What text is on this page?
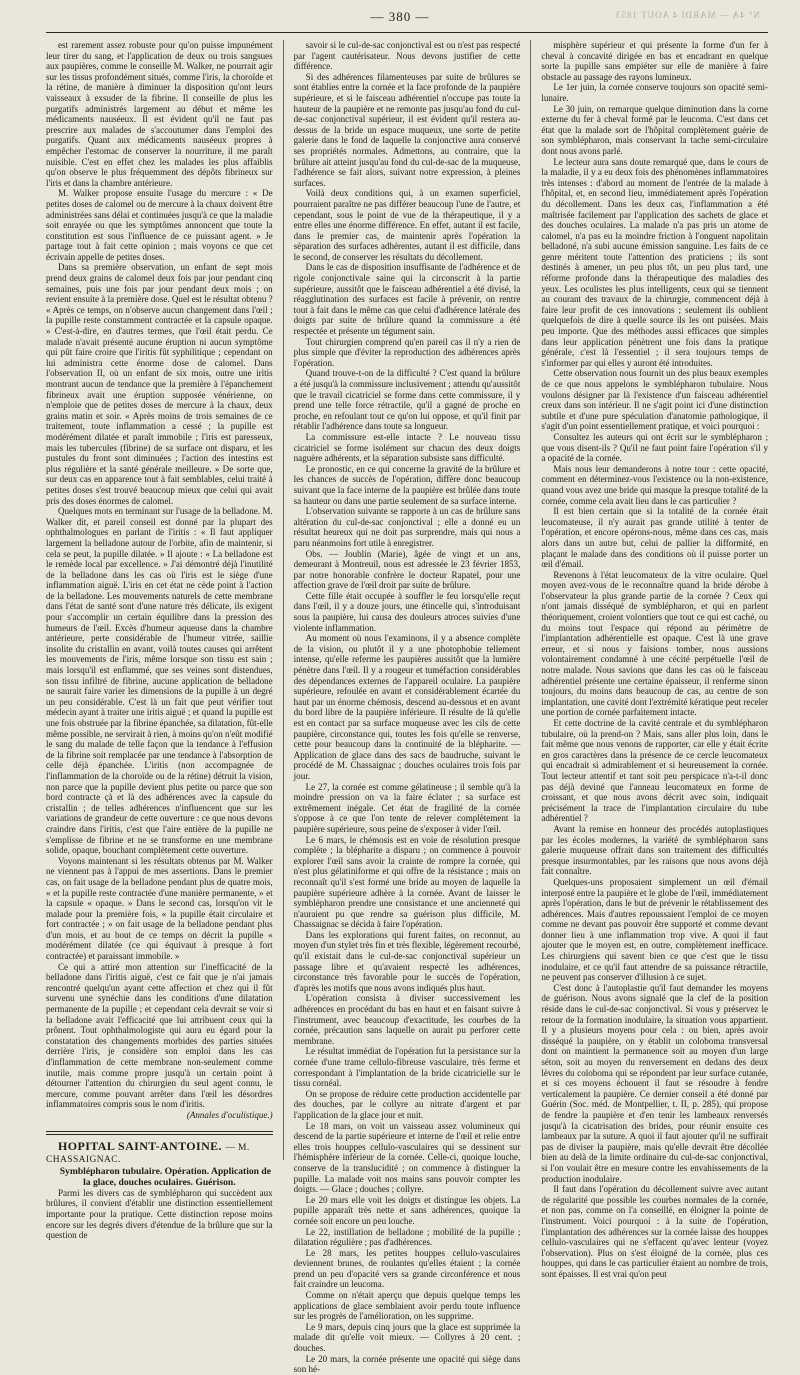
— 380 —	N° 4A — MARDI 4 AOUT 1853

est rarement assez robuste pour qu'on puisse impunément leur tirer du sang, et l'application de deux ou trois sangsues aux paupières, comme le conseille M. Walker, ne pourrait agir sur les tissus profondément situés, comme l'iris, la choroïde et la rétine, de manière à diminuer la disposition qu'ont leurs vaisseaux à exsuder de la fibrine. Il conseille de plus les purgatifs administrés largement au début et même les médicaments nauséeux. Il est évident qu'il ne faut pas prescrire aux malades de s'accoutumer dans l'emploi des purgatifs. Quant aux médicaments nauséeux propres à empêcher l'estomac de conserver la nourriture, il me paraît nuisible. C'est en effet chez les malades les plus affaiblis qu'on observe le plus fréquemment des dépôts fibrineux sur l'iris et dans la chambre antérieure.

M. Walker propose ensuite l'usage du mercure : « De petites doses de calomel ou de mercure à la chaux doivent être administrées sans délai et continuées jusqu'à ce que la maladie soit enrayée ou que les symptômes annoncent que toute la constitution est sous l'influence de ce puissant agent. » Je partage tout à fait cette opinion ; mais voyons ce que cet écrivain appelle de petites doses.

Dans sa première observation, un enfant de sept mois prend deux grains de calomel deux fois par jour pendant cinq semaines, puis une fois par jour pendant deux mois ; on revient ensuite à la première dose. Quel est le résultat obtenu ? « Après ce temps, on n'observe aucun changement dans l'œil ; la pupille reste constamment contractée et la capsule opaque. » C'est-à-dire, en d'autres termes, que l'œil était perdu. Ce malade n'avait présenté aucune éruption ni aucun symptôme qui pût faire croire que l'iritis fût syphilitique ; cependant on lui administra cette énorme dose de calomel. Dans l'observation II, où un enfant de six mois, outre une iritis montrant aucun de tendance que la première à l'épanchement fibrineux avait une éruption supposée vénérienne, on n'emploie que de petites doses de mercure à la chaux, deux grains matin et soir. « Après moins de trois semaines de ce traitement, toute inflammation a cessé ; la pupille est modérément dilatée et paraît immobile ; l'iris est paresseux, mais les tubercules (fibrine) de sa surface ont disparu, et les pustules du front sont diminuées ; l'action des intestins est plus régulière et la santé générale meilleure. » De sorte que, sur deux cas en apparence tout à fait semblables, celui traité à petites doses s'est trouvé beaucoup mieux que celui qui avait pris des doses énormes de calomel.

Quelques mots en terminant sur l'usage de la belladone. M. Walker dit, et pareil conseil est donné par la plupart des ophthalmologues en parlant de l'iritis : « Il faut appliquer largement la belladone autour de l'orbite, afin de maintenir, si cela se peut, la pupille dilatée. » Il ajoute : « La belladone est le remède local par excellence. » J'ai démontré déjà l'inutilité de la belladone dans les cas où l'iris est le siège d'une inflammation aiguë. L'iris en cet état ne cède point à l'action de la belladone. Les mouvements naturels de cette membrane dans l'état de santé sont d'une nature très délicate, ils exigent pour s'accomplir un certain équilibre dans la pression des humeurs de l'œil. Excès d'humeur aqueuse dans la chambre antérieure, perte considérable de l'humeur vitrée, saillie insolite du cristallin en avant, voilà toutes causes qui arrêtent les mouvements de l'iris, même lorsque son tissu est sain ; mais lorsqu'il est enflammé, que ses veines sont distendues, son tissu infiltré de fibrine, aucune application de belladone ne saurait faire varier les dimensions de la pupille à un degré un peu considérable. C'est là un fait que peut vérifier tout médecin ayant à traiter une iritis aiguë ; et quand la pupille est une fois obstruée par la fibrine épanchée, sa dilatation, fût-elle même possible, ne servirait à rien, à moins qu'on n'eût modifié le sang du malade de telle façon que la tendance à l'effusion de la fibrine soit remplacée par une tendance à l'absorption de celle déjà épanchée. L'iritis (non accompagnée de l'inflammation de la choroïde ou de la rétine) détruit la vision, non parce que la pupille devient plus petite ou parce que son bord contracte çà et là des adhérences avec la capsule du cristallin ; de telles adhérences n'influencent que sur les variations de grandeur de cette ouverture : ce que nous devons craindre dans l'iritis, c'est que l'aire entière de la pupille ne s'emplisse de fibrine et ne se transforme en une membrane solide, opaque, bouchant complètement cette ouverture.

Voyons maintenant si les résultats obtenus par M. Walker ne viennent pas à l'appui de mes assertions. Dans le premier cas, on fait usage de la belladone pendant plus de quatre mois, « et la pupille reste contractée d'une manière permanente, » et la capsule « opaque. » Dans le second cas, lorsqu'on vit le malade pour la première fois, « la pupille était circulaire et fort contractée ; » on fait usage de la belladone pendant plus d'un mois, et au bout de ce temps on décrit la pupille « modérément dilatée (ce qui équivaut à presque à fort contractée) et paraissant immobile. »

Ce qui a attiré mon attention sur l'inefficacité de la belladone dans l'iritis aiguë, c'est ce fait que je n'ai jamais rencontré quelqu'un ayant cette affection et chez qui il fût survenu une synéchie dans les conditions d'une dilatation permanente de la pupille ; et cependant cela devrait se voir si la belladone avait l'efficacité que lui attribuent ceux qui la prônent. Tout ophthalmologiste qui aura eu égard pour la constatation des changements morbides des parties situées derrière l'iris, je considère son emploi dans les cas d'inflammation de cette membrane non-seulement comme inutile, mais comme propre jusqu'à un certain point à détourner l'attention du chirurgien du seul agent connu, le mercure, comme pouvant arrêter dans l'œil les désordres inflammatoires compris sous le nom d'iritis.

(Annales d'oculistique.)

HOPITAL SAINT-ANTOINE. — M. CHASSAIGNAC.

Symblépharon tubulaire. Opération. Application de la glace, douches oculaires. Guérison.

Parmi les divers cas de symblépharon qui succèdent aux brûlures, il convient d'établir une distinction essentiellement importante pour la pratique. Cette distinction repose moins encore sur les degrés divers d'étendue de la brûlure que sur la question de

savoir si le cul-de-sac conjonctival est ou n'est pas respecté par l'agent cautérisateur. Nous devons justifier de cette différence.

Si des adhérences filamenteuses par suite de brûlures se sont établies entre la cornée et la face profonde de la paupière supérieure, et si le faisceau adhérentiel n'occupe pas toute la hauteur de la paupière et ne remonte pas jusqu'au fond du cul-de-sac conjonctival supérieur, il est évident qu'il restera au-dessus de la bride un espace muqueux, une sorte de petite galerie dans le fond de laquelle la conjonctive aura conservé ses propriétés normales. Admettons, au contraire, que la brûlure ait atteint jusqu'au fond du cul-de-sac de la muqueuse, l'adhérence se fait alors, suivant notre expression, à pleines surfaces.

Voilà deux conditions qui, à un examen superficiel, pourraient paraître ne pas différer beaucoup l'une de l'autre, et cependant, sous le point de vue de la thérapeutique, il y a entre elles une énorme différence. En effet, autant il est facile, dans le premier cas, de maintenir après l'opération la séparation des surfaces adhérentes, autant il est difficile, dans le second, de conserver les résultats du décollement.

Dans le cas de disposition insuffisante de l'adhérence et de rigole conjonctivale saine qui la circonscrit à la partie supérieure, aussitôt que le faisceau adhérentiel a été divisé, la réagglutination des surfaces est facile à prévenir, on rentre tout à fait dans le même cas que celui d'adhérence latérale des doigts par suite de brûlure quand la commissure a été respectée et présente un tégument sain.

Tout chirurgien comprend qu'en pareil cas il n'y a rien de plus simple que d'éviter la reproduction des adhérences après l'opération.

Quand trouve-t-on de la difficulté ? C'est quand la brûlure a été jusqu'à la commissure inclusivement ; attendu qu'aussitôt que le travail cicatriciel se forme dans cette commissure, il y prend une telle force rétractile, qu'il a gagné de proche en proche, en refoulant tout ce qu'on lui oppose, et qu'il finit par rétablir l'adhérence dans toute sa longueur.

La commissure est-elle intacte ? Le nouveau tissu cicatriciel se forme isolément sur chacun des deux doigts naguère adhérents, et la séparation subsiste sans difficulté.

Le pronostic, en ce qui concerne la gravité de la brûlure et les chances de succès de l'opération, diffère donc beaucoup suivant que la face interne de la paupière est brûlée dans toute sa hauteur ou dans une partie seulement de sa surface interne.

L'observation suivante se rapporte à un cas de brûlure sans altération du cul-de-sac conjonctival ; elle a donné eu un résultat heureux qui ne doit pas surprendre, mais qui nous a paru néanmoins fort utile à enregistrer.

Obs. — Joublin (Marie), âgée de vingt et un ans, demeurant à Montreuil, nous est adressée le 23 février 1853, par notre honorable confrère le docteur Rapatel, pour une affection grave de l'œil droit par suite de brûlure.

Cette fille était occupée à souffler le feu lorsqu'elle reçut dans l'œil, il y a douze jours, une étincelle qui, s'introduisant sous la paupière, lui causa des douleurs atroces suivies d'une violente inflammation.

Au moment où nous l'examinons, il y a absence complète de la vision, ou plutôt il y a une photophobie tellement intense, qu'elle referme les paupières aussitôt que la lumière pénètre dans l'œil. Il y a rougeur et tuméfaction considérables des dépendances externes de l'appareil oculaire. La paupière supérieure, refoulée en avant et considérablement écartée du haut par un énorme chémosis, descend au-dessous et en avant du bord libre de la paupière inférieure. Il résulte de là qu'elle est en contact par sa surface muqueuse avec les cils de cette paupière, circonstance qui, toutes les fois qu'elle se renverse, cette pour beaucoup dans la continuité de la blépharite. — Application de glace dans des sacs de baudruche, suivant le procédé de M. Chassaignac ; douches oculaires trois fois par jour.

Le 27, la cornée est comme gélatineuse ; il semble qu'à la moindre pression on va la faire éclater ; sa surface est extrêmement inégale. Cet état de fragilité de la cornée s'oppose à ce que l'on tente de relever complètement la paupière supérieure, sous peine de s'exposer à vider l'œil.

Le 6 mars, le chémosis est en voie de résolution presque complète ; la blépharite a disparu ; on commence à pouvoir explorer l'œil sans avoir la crainte de rompre la cornée, qui n'est plus gélatiniforme et qui offre de la résistance ; mais on reconnaît qu'il s'est formé une bride au moyen de laquelle la paupière supérieure adhère à la cornée. Avant de laisser le symblépharon prendre une consistance et une ancienneté qui n'auraient pu que rendre sa guérison plus difficile, M. Chassaignac se décida à faire l'opération.

Dans les explorations qui furent faites, on reconnut, au moyen d'un stylet très fin et très flexible, légèrement recourbé, qu'il existait dans le cul-de-sac conjonctival supérieur un passage libre et qu'avaient respecté les adhérences, circonstance très favorable pour le succès de l'opération, d'après les motifs que nous avons indiqués plus haut.

L'opération consista à diviser successivement les adhérences en procédant du bas en haut et en faisant suivre à l'instrument, avec beaucoup d'exactitude, les courbes de la cornée, précaution sans laquelle on aurait pu perforer cette membrane.

Le résultat immédiat de l'opération fut la persistance sur la cornée d'une trame cellulo-fibreuse vasculaire, très ferme et correspondant à l'implantation de la bride cicatricielle sur le tissu cornéal.

On se propose de réduire cette production accidentelle par des douches, par le collyre au nitrate d'argent et par l'application de la glace jour et nuit.

Le 18 mars, on voit un vaisseau assez volumineux qui descend de la partie supérieure et interne de l'œil et relie entre elles trois houppes cellulo-vasculaires qui se dessinent sur l'hémisphère inférieur de la cornée. Celle-ci, quoique louche, conserve de la translucidité ; on commence à distinguer la pupille. La malade voit nos mains sans pouvoir compter les doigts. — Glace ; douches ; collyre.

Le 20 mars elle voit les doigts et distingue les objets. La pupille apparaît très nette et sans adhérences, quoique la cornée soit encore un peu louche.

Le 22, instillation de belladone ; mobilité de la pupille ; dilatation régulière ; pas d'adhérences.

Le 28 mars, les petites houppes cellulo-vasculaires deviennent brunes, de roulantes qu'elles étaient ; la cornée prend un peu d'opacité vers sa grande circonférence et nous fait craindre un leucoma.

Comme on n'était aperçu que depuis quelque temps les applications de glace semblaient avoir perdu toute influence sur les progrès de l'amélioration, on les supprime.

Le 9 mars, depuis cinq jours que la glace est supprimée la malade dit qu'elle voit mieux. — Collyres à 20 cent. ; douches.

Le 20 mars, la cornée présente une opacité qui siège dans son hé-

misphère supérieur et qui présente la forme d'un fer à cheval à concavité dirigée en bas et encadrant en quelque sorte la pupille sans empiéter sur elle de manière à faire obstacle au passage des rayons lumineux.

Le 1er juin, la cornée conserve toujours son opacité semi-lunaire.

Le 30 juin, on remarque quelque diminution dans la corne externe du fer à cheval formé par le leucoma. C'est dans cet état que la malade sort de l'hôpital complètement guérie de son symblépharon, mais conservant la tache semi-circulaire dont nous avons parlé.

Le lecteur aura sans doute remarqué que, dans le cours de la maladie, il y a eu deux fois des phénomènes inflammatoires très intenses : d'abord au moment de l'entrée de la malade à l'hôpital, et, en second lieu, immédiatement après l'opération du décollement. Dans les deux cas, l'inflammation a été maîtrisée facilement par l'application des sachets de glace et des douches oculaires. La malade n'a pas pris un atome de calomel, n'a pas eu la moindre friction à l'onguent napolitain belladoné, n'a subi aucune émission sanguine. Les faits de ce genre méritent toute l'attention des praticiens ; ils sont destinés à amener, un peu plus tôt, un peu plus tard, une réforme profonde dans la thérapeutique des maladies des yeux. Les oculistes les plus intelligents, ceux qui se tiennent au courant des travaux de la chirurgie, commencent déjà à faire leur profit de ces innovations ; seulement ils oublient quelquefois de dire à quelle source ils les ont puisées. Mais peu importe. Que des méthodes aussi efficaces que simples dans leur application pénètrent une fois dans la pratique générale, c'est là l'essentiel ; il sera toujours temps de s'informer par qui elles y auront été introduites.

Cette observation nous fournit un des plus beaux exemples de ce que nous appelons le symblépharon tubulaire. Nous voulons désigner par là l'existence d'un faisceau adhérentiel creux dans son intérieur. Il ne s'agit point ici d'une distinction subtile et d'une pure spéculation d'anatomie pathologique, il s'agit d'un point essentiellement pratique, et voici pourquoi :

Consultez les auteurs qui ont écrit sur le symblépharon ; que vous disent-ils ? Qu'il ne faut point faire l'opération s'il y a opacité de la cornée.

Mais nous leur demanderons à notre tour : cette opacité, comment en déterminez-vous l'existence ou la non-existence, quand vous avez une bride qui masque la presque totalité de la cornée, comme cela avait lieu dans le cas particulier ?

Il est bien certain que si la totalité de la cornée était leucomateuse, il n'y aurait pas grande utilité à tenter de l'opération, et encore opérons-nous, même dans ces cas, mais alors dans un autre but, celui de pallier la difformité, en plaçant le malade dans des conditions où il puisse porter un œil d'émail.

Revenons à l'état leucomateux de la vitre oculaire. Quel moyen avez-vous de le reconnaître quand la bride dérobe à l'observateur la plus grande partie de la cornée ? Ceux qui n'ont jamais disséqué de symblépharon, et qui en parlent théoriquement, croient volontiers que tout ce qui est caché, ou du moins tout l'espace qui répond au périmètre de l'implantation adhérentielle est opaque. C'est là une grave erreur, et si nous y faisions tomber, nous aussions volontairement condamné à une cécité perpétuelle l'œil de notre malade. Nous savions que dans les cas où le faisceau adhérentiel présente une certaine épaisseur, il renferme sinon toujours, du moins dans beaucoup de cas, au centre de son implantation, une cavité dont l'extrémité kératique peut receler une portion de cornée parfaitement intacte.

Et cette doctrine de la cavité centrale et du symblépharon tubulaire, où la prend-on ? Mais, sans aller plus loin, dans le fait même que nous venons de rapporter, car elle y était écrite en gros caractères dans la présence de ce cercle leucomateux qui encadrait si admirablement et si heureusement la cornée. Tout lecteur attentif et tant soit peu perspicace n'a-t-il donc pas déjà deviné que l'anneau leucomateux en forme de croissant, et que nous avons décrit avec soin, indiquait précisément la trace de l'implantation circulaire du tube adhérentiel ?

Avant la remise en honneur des procédés autoplastiques par les écoles modernes, la variété de symblépharon sans galerie muqueuse offrait dans son traitement des difficultés presque insurmontables, par les raisons que nous avons déjà fait connaître.

Quelques-uns proposaient simplement un œil d'émail interposé entre la paupière et le globe de l'œil, immédiatement après l'opération, dans le but de prévenir le rétablissement des adhérences. Mais d'autres repoussaient l'emploi de ce moyen comme ne devant pas pouvoir être supporté et comme devant donner lieu à une inflammation trop vive. A quoi il faut ajouter que le moyen est, en outre, complètement inefficace. Les chirurgiens qui savent bien ce que c'est que le tissu inodulaire, et ce qu'il faut attendre de sa puissance rétractile, ne peuvent pas conserver d'illusion à ce sujet.

C'est donc à l'autoplastie qu'il faut demander les moyens de guérison. Nous avons signalé que la clef de la position réside dans le cul-de-sac conjonctival. Si vous y préservez le retour de la formation inodulaire, la situation vous appartient. Il y a plusieurs moyens pour cela : ou bien, après avoir disséqué la paupière, on y établit un coloboma transversal dont on maintient la permanence soit au moyen d'un large séton, soit au moyen du renversement en dedans des deux lèvres du coloboma qui se répondent par leur surface cutanée, et si ces moyens échouent il faut se résoudre à fendre verticalement la paupière. Ce dernier conseil a été donné par Guérin (Soc. méd. de Montpellier, t. II, p. 285), qui propose de fendre la paupière et d'en tenir les lambeaux renversés jusqu'à la cicatrisation des brides, pour réunir ensuite ces lambeaux par la suture. A quoi il faut ajouter qu'il ne suffirait pas de diviser la paupière, mais qu'elle devrait être décollée bien au delà de la limite ordinaire du cul-de-sac conjonctival, si l'on voulait être en mesure contre les envahissements de la production inodulaire.

Il faut dans l'opération du décollement suivre avec autant de régularité que possible les courbes normales de la cornée, et non pas, comme on l'a conseillé, en éloigner la pointe de l'instrument. Voici pourquoi : à la suite de l'opération, l'implantation des adhérences sur la cornée laisse des houppes cellulo-vasculaires qui ne s'effacent qu'avec lenteur (voyez l'observation). Plus on s'est éloigné de la cornée, plus ces houppes, qui dans le cas particulier étaient au nombre de trois, sont épaisses. Il est vrai qu'on peut
